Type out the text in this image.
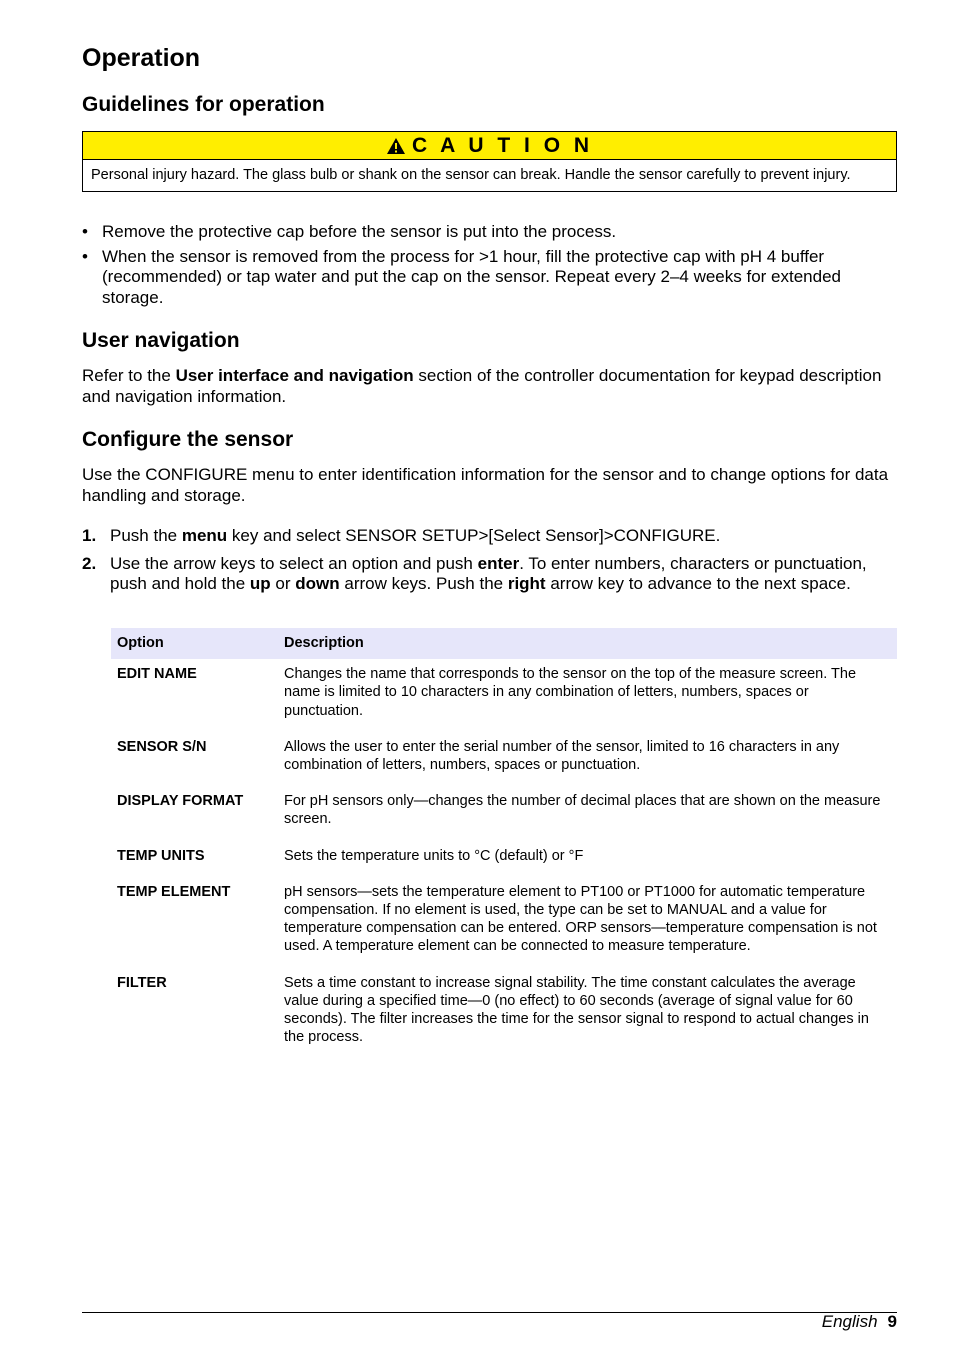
Operation
Guidelines for operation
C A U T I O N
Personal injury hazard. The glass bulb or shank on the sensor can break. Handle the sensor carefully to prevent injury.
• Remove the protective cap before the sensor is put into the process.
• When the sensor is removed from the process for >1 hour, fill the protective cap with pH 4 buffer (recommended) or tap water and put the cap on the sensor. Repeat every 2–4 weeks for extended storage.
User navigation

Refer to the User interface and navigation section of the controller documentation for keypad description and navigation information.

Configure the sensor

Use the CONFIGURE menu to enter identification information for the sensor and to change options for data handling and storage.

1. Push the menu key and select SENSOR SETUP>[Select Sensor]>CONFIGURE.
2. Use the arrow keys to select an option and push enter. To enter numbers, characters or punctuation, push and hold the up or down arrow keys. Push the right arrow key to advance to the next space.
Option	Description
EDIT NAME	Changes the name that corresponds to the sensor on the top of the measure screen. The name is limited to 10 characters in any combination of letters, numbers, spaces or punctuation.
SENSOR S/N	Allows the user to enter the serial number of the sensor, limited to 16 characters in any combination of letters, numbers, spaces or punctuation.
DISPLAY FORMAT	For pH sensors only—changes the number of decimal places that are shown on the measure screen.
TEMP UNITS	Sets the temperature units to °C (default) or °F
TEMP ELEMENT	pH sensors—sets the temperature element to PT100 or PT1000 for automatic temperature compensation. If no element is used, the type can be set to MANUAL and a value for temperature compensation can be entered. ORP sensors—temperature compensation is not used. A temperature element can be connected to measure temperature.
FILTER	Sets a time constant to increase signal stability. The time constant calculates the average value during a specified time—0 (no effect) to 60 seconds (average of signal value for 60 seconds). The filter increases the time for the sensor signal to respond to actual changes in the process.
English 9
